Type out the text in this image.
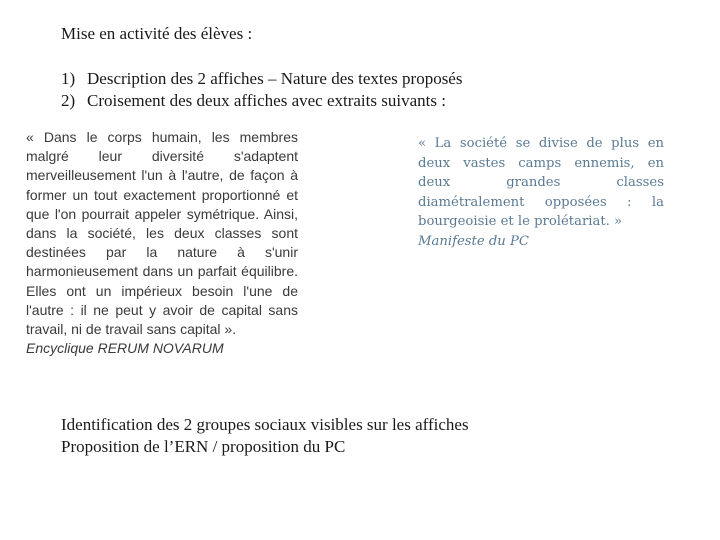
Mise en activité des élèves :
1) Description des 2 affiches – Nature des textes proposés
2) Croisement des deux affiches avec extraits suivants :
« Dans le corps humain, les membres malgré leur diversité s'adaptent merveilleusement l'un à l'autre, de façon à former un tout exactement proportionné et que l'on pourrait appeler symétrique. Ainsi, dans la société, les deux classes sont destinées par la nature à s'unir harmonieusement dans un parfait équilibre. Elles ont un impérieux besoin l'une de l'autre : il ne peut y avoir de capital sans travail, ni de travail sans capital ».
Encyclique RERUM NOVARUM
« La société se divise de plus en deux vastes camps ennemis, en deux grandes classes diamétralement opposées : la bourgeoisie et le prolétariat. »
Manifeste du PC

Identification des 2 groupes sociaux visibles sur les affiches

Proposition de l’ERN / proposition du PC
